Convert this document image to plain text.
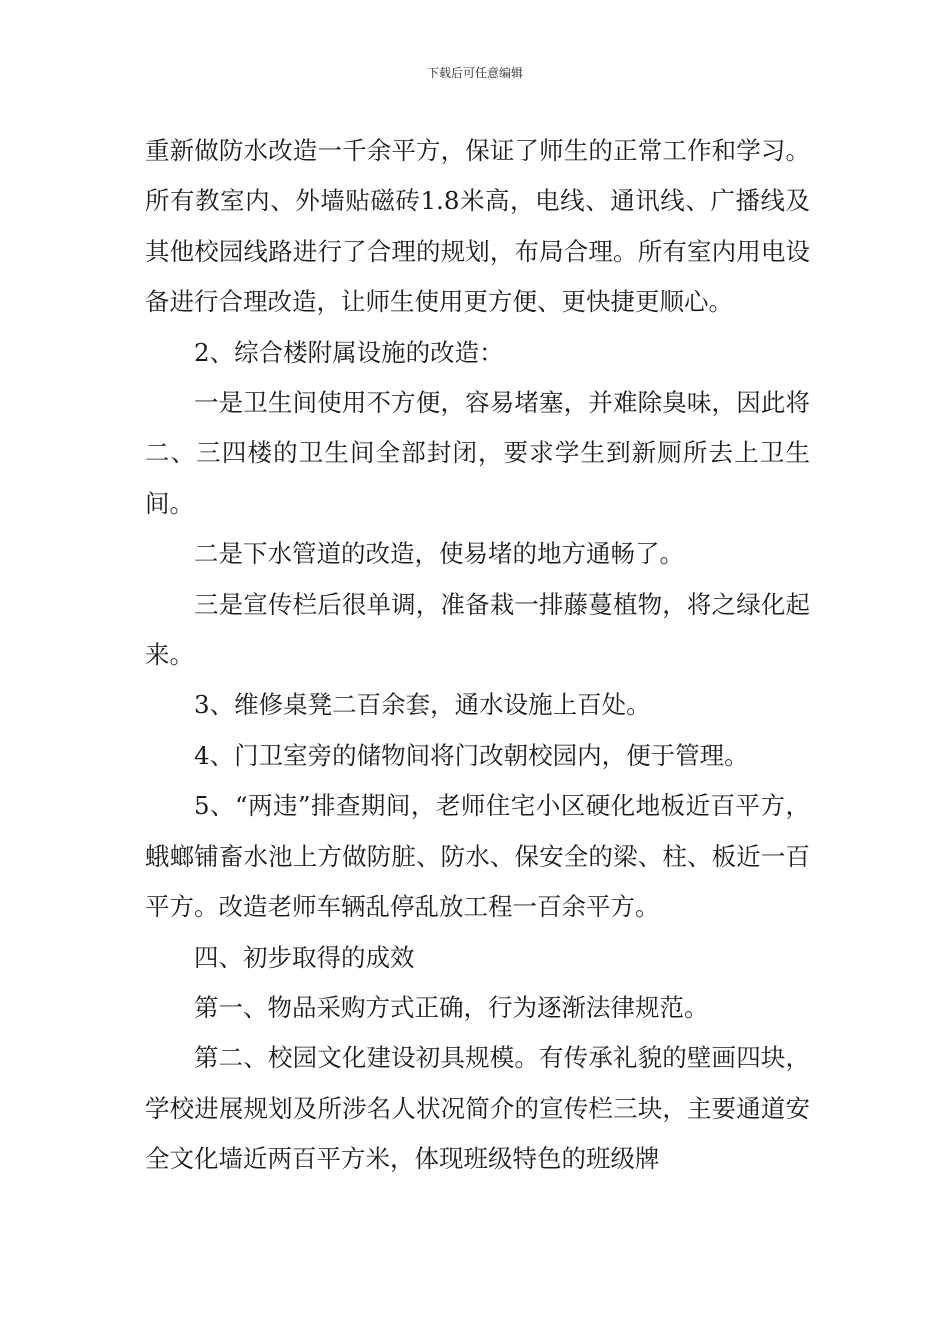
下载后可任意编辑

重新做防水改造一千余平方，保证了师生的正常工作和学习。所有教室内、外墙贴磁砖1.8米高，电线、通讯线、广播线及其他校园线路进行了合理的规划，布局合理。所有室内用电设备进行合理改造，让师生使用更方便、更快捷更顺心。

2、综合楼附属设施的改造：

一是卫生间使用不方便，容易堵塞，并难除臭味，因此将二、三四楼的卫生间全部封闭，要求学生到新厕所去上卫生间。

二是下水管道的改造，使易堵的地方通畅了。

三是宣传栏后很单调，准备栽一排藤蔓植物，将之绿化起来。

3、维修桌凳二百余套，通水设施上百处。

4、门卫室旁的储物间将门改朝校园内，便于管理。

5、“两违”排查期间，老师住宅小区硬化地板近百平方，蛾螂铺畜水池上方做防脏、防水、保安全的梁、柱、板近一百平方。改造老师车辆乱停乱放工程一百余平方。

四、初步取得的成效

第一、物品采购方式正确，行为逐渐法律规范。

第二、校园文化建设初具规模。有传承礼貌的壁画四块，学校进展规划及所涉名人状况简介的宣传栏三块，主要通道安全文化墙近两百平方米，体现班级特色的班级牌
